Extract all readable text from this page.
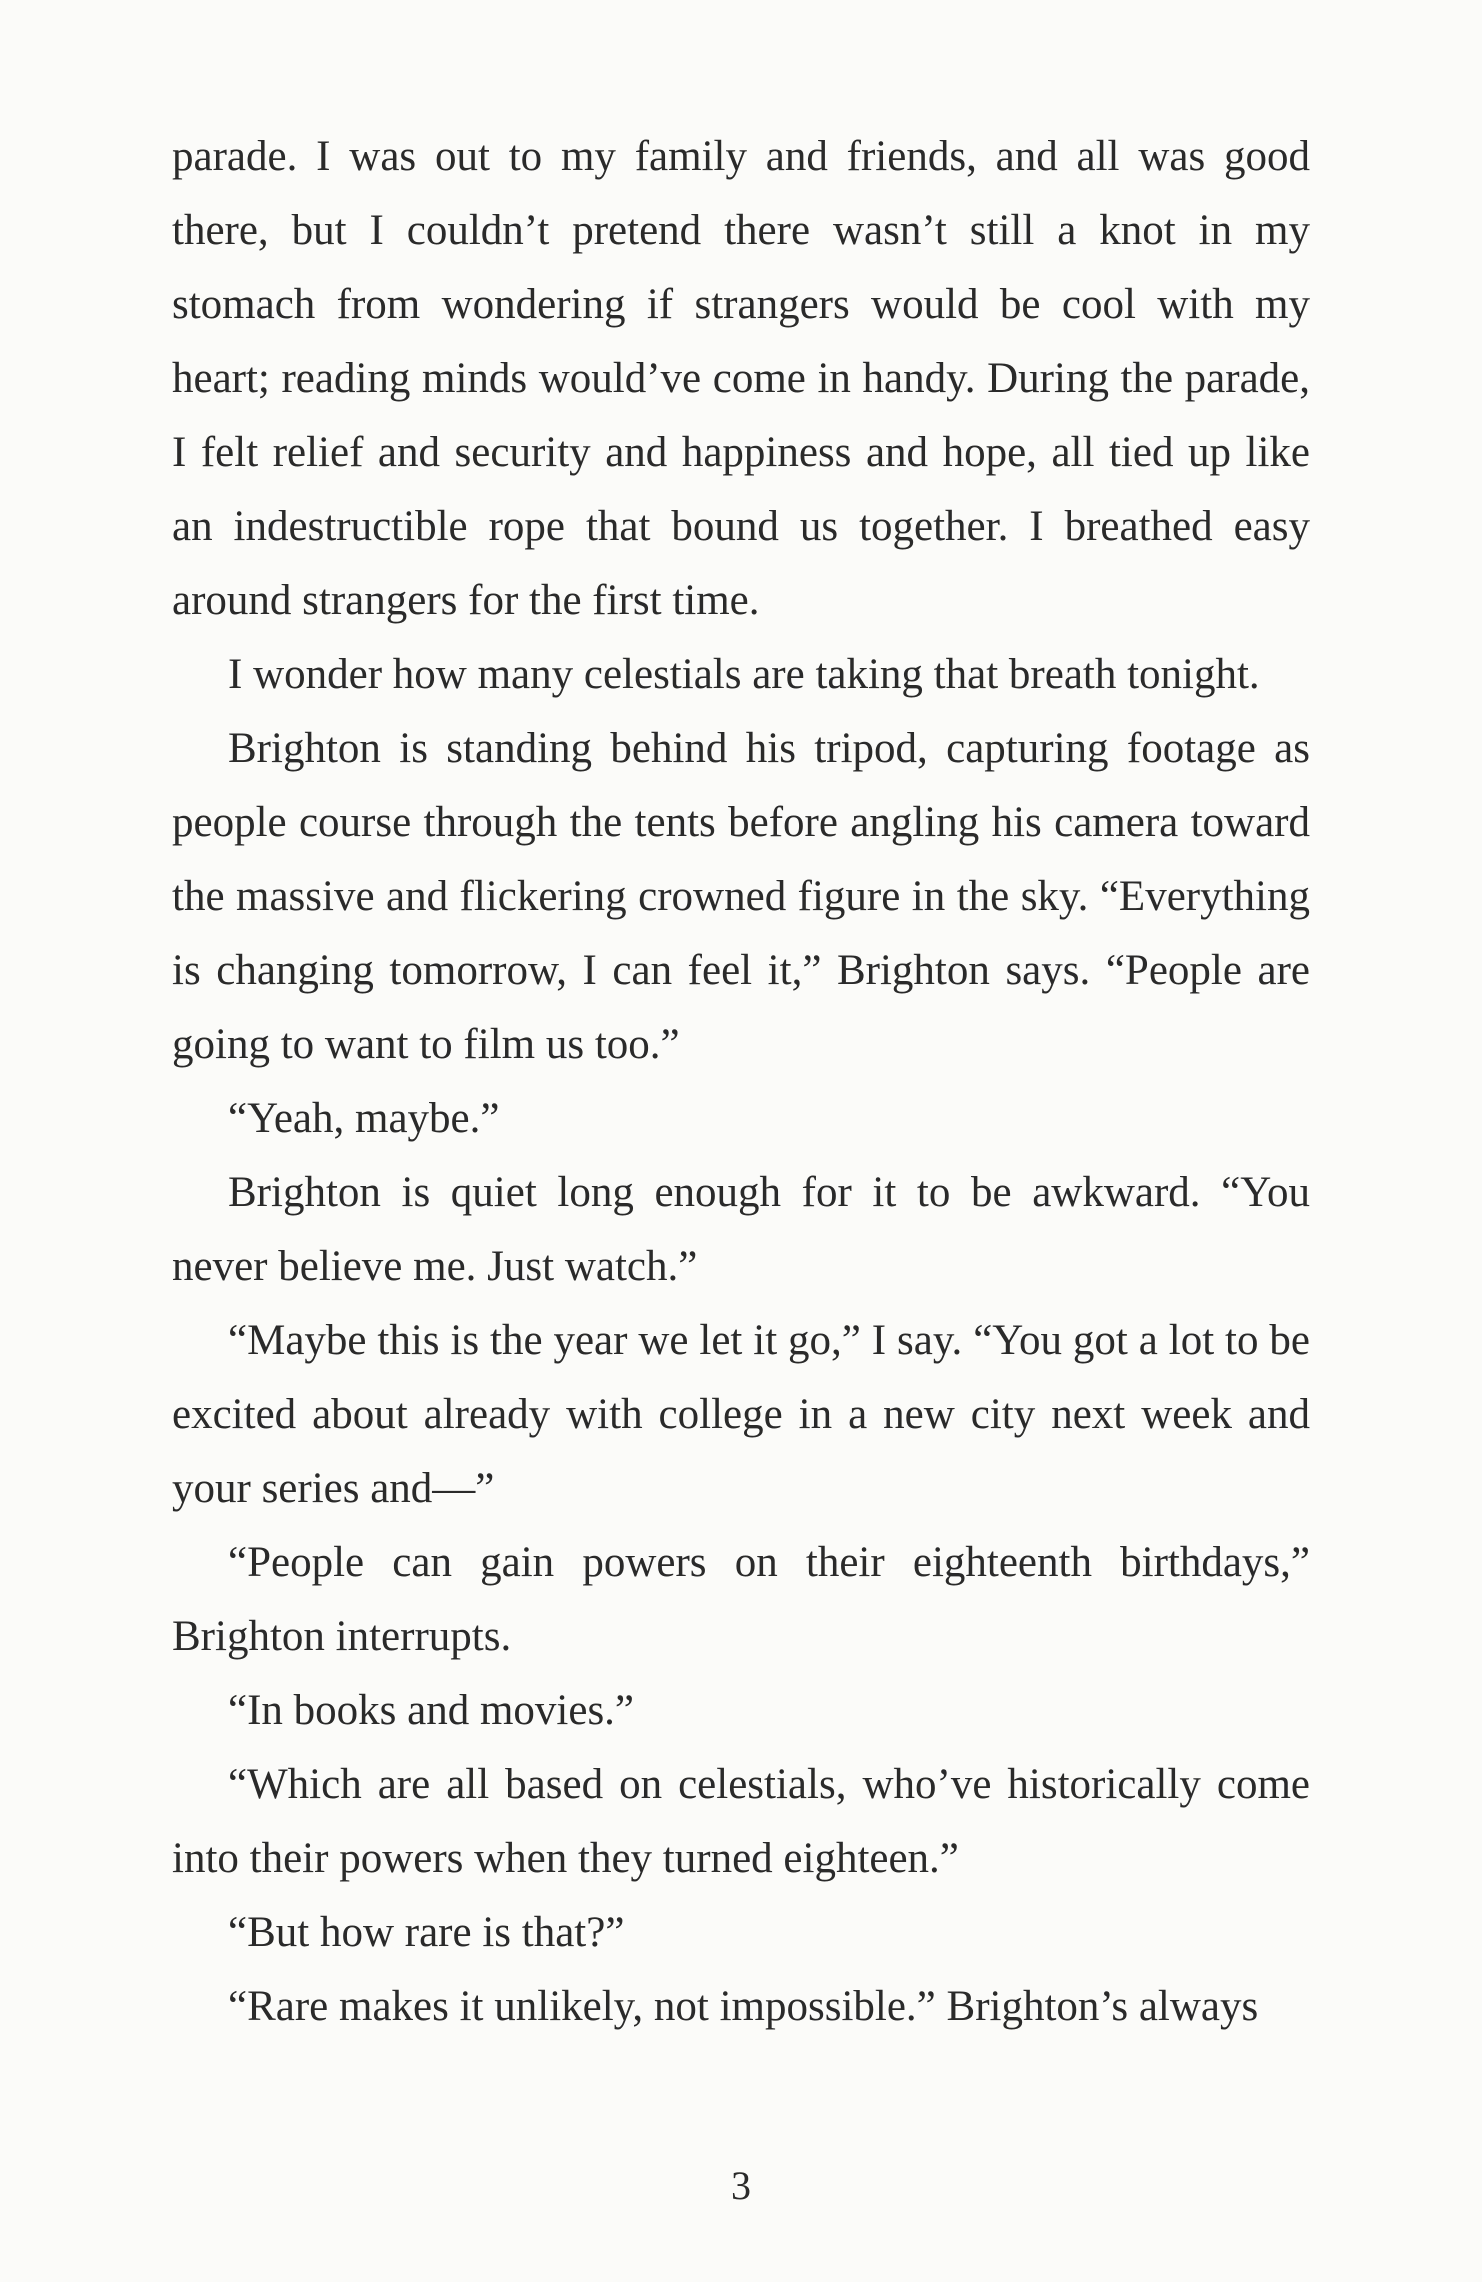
parade. I was out to my family and friends, and all was good there, but I couldn’t pretend there wasn’t still a knot in my stomach from wondering if strangers would be cool with my heart; reading minds would’ve come in handy. During the parade, I felt relief and security and happiness and hope, all tied up like an indestructible rope that bound us together. I breathed easy around strangers for the first time.

I wonder how many celestials are taking that breath tonight.

Brighton is standing behind his tripod, capturing footage as people course through the tents before angling his camera toward the massive and flickering crowned figure in the sky. “Everything is changing tomorrow, I can feel it,” Brighton says. “People are going to want to film us too.”

“Yeah, maybe.”

Brighton is quiet long enough for it to be awkward. “You never believe me. Just watch.”

“Maybe this is the year we let it go,” I say. “You got a lot to be excited about already with college in a new city next week and your series and—”

“People can gain powers on their eighteenth birthdays,” Brighton interrupts.

“In books and movies.”

“Which are all based on celestials, who’ve historically come into their powers when they turned eighteen.”

“But how rare is that?”

“Rare makes it unlikely, not impossible.” Brighton’s always

3
